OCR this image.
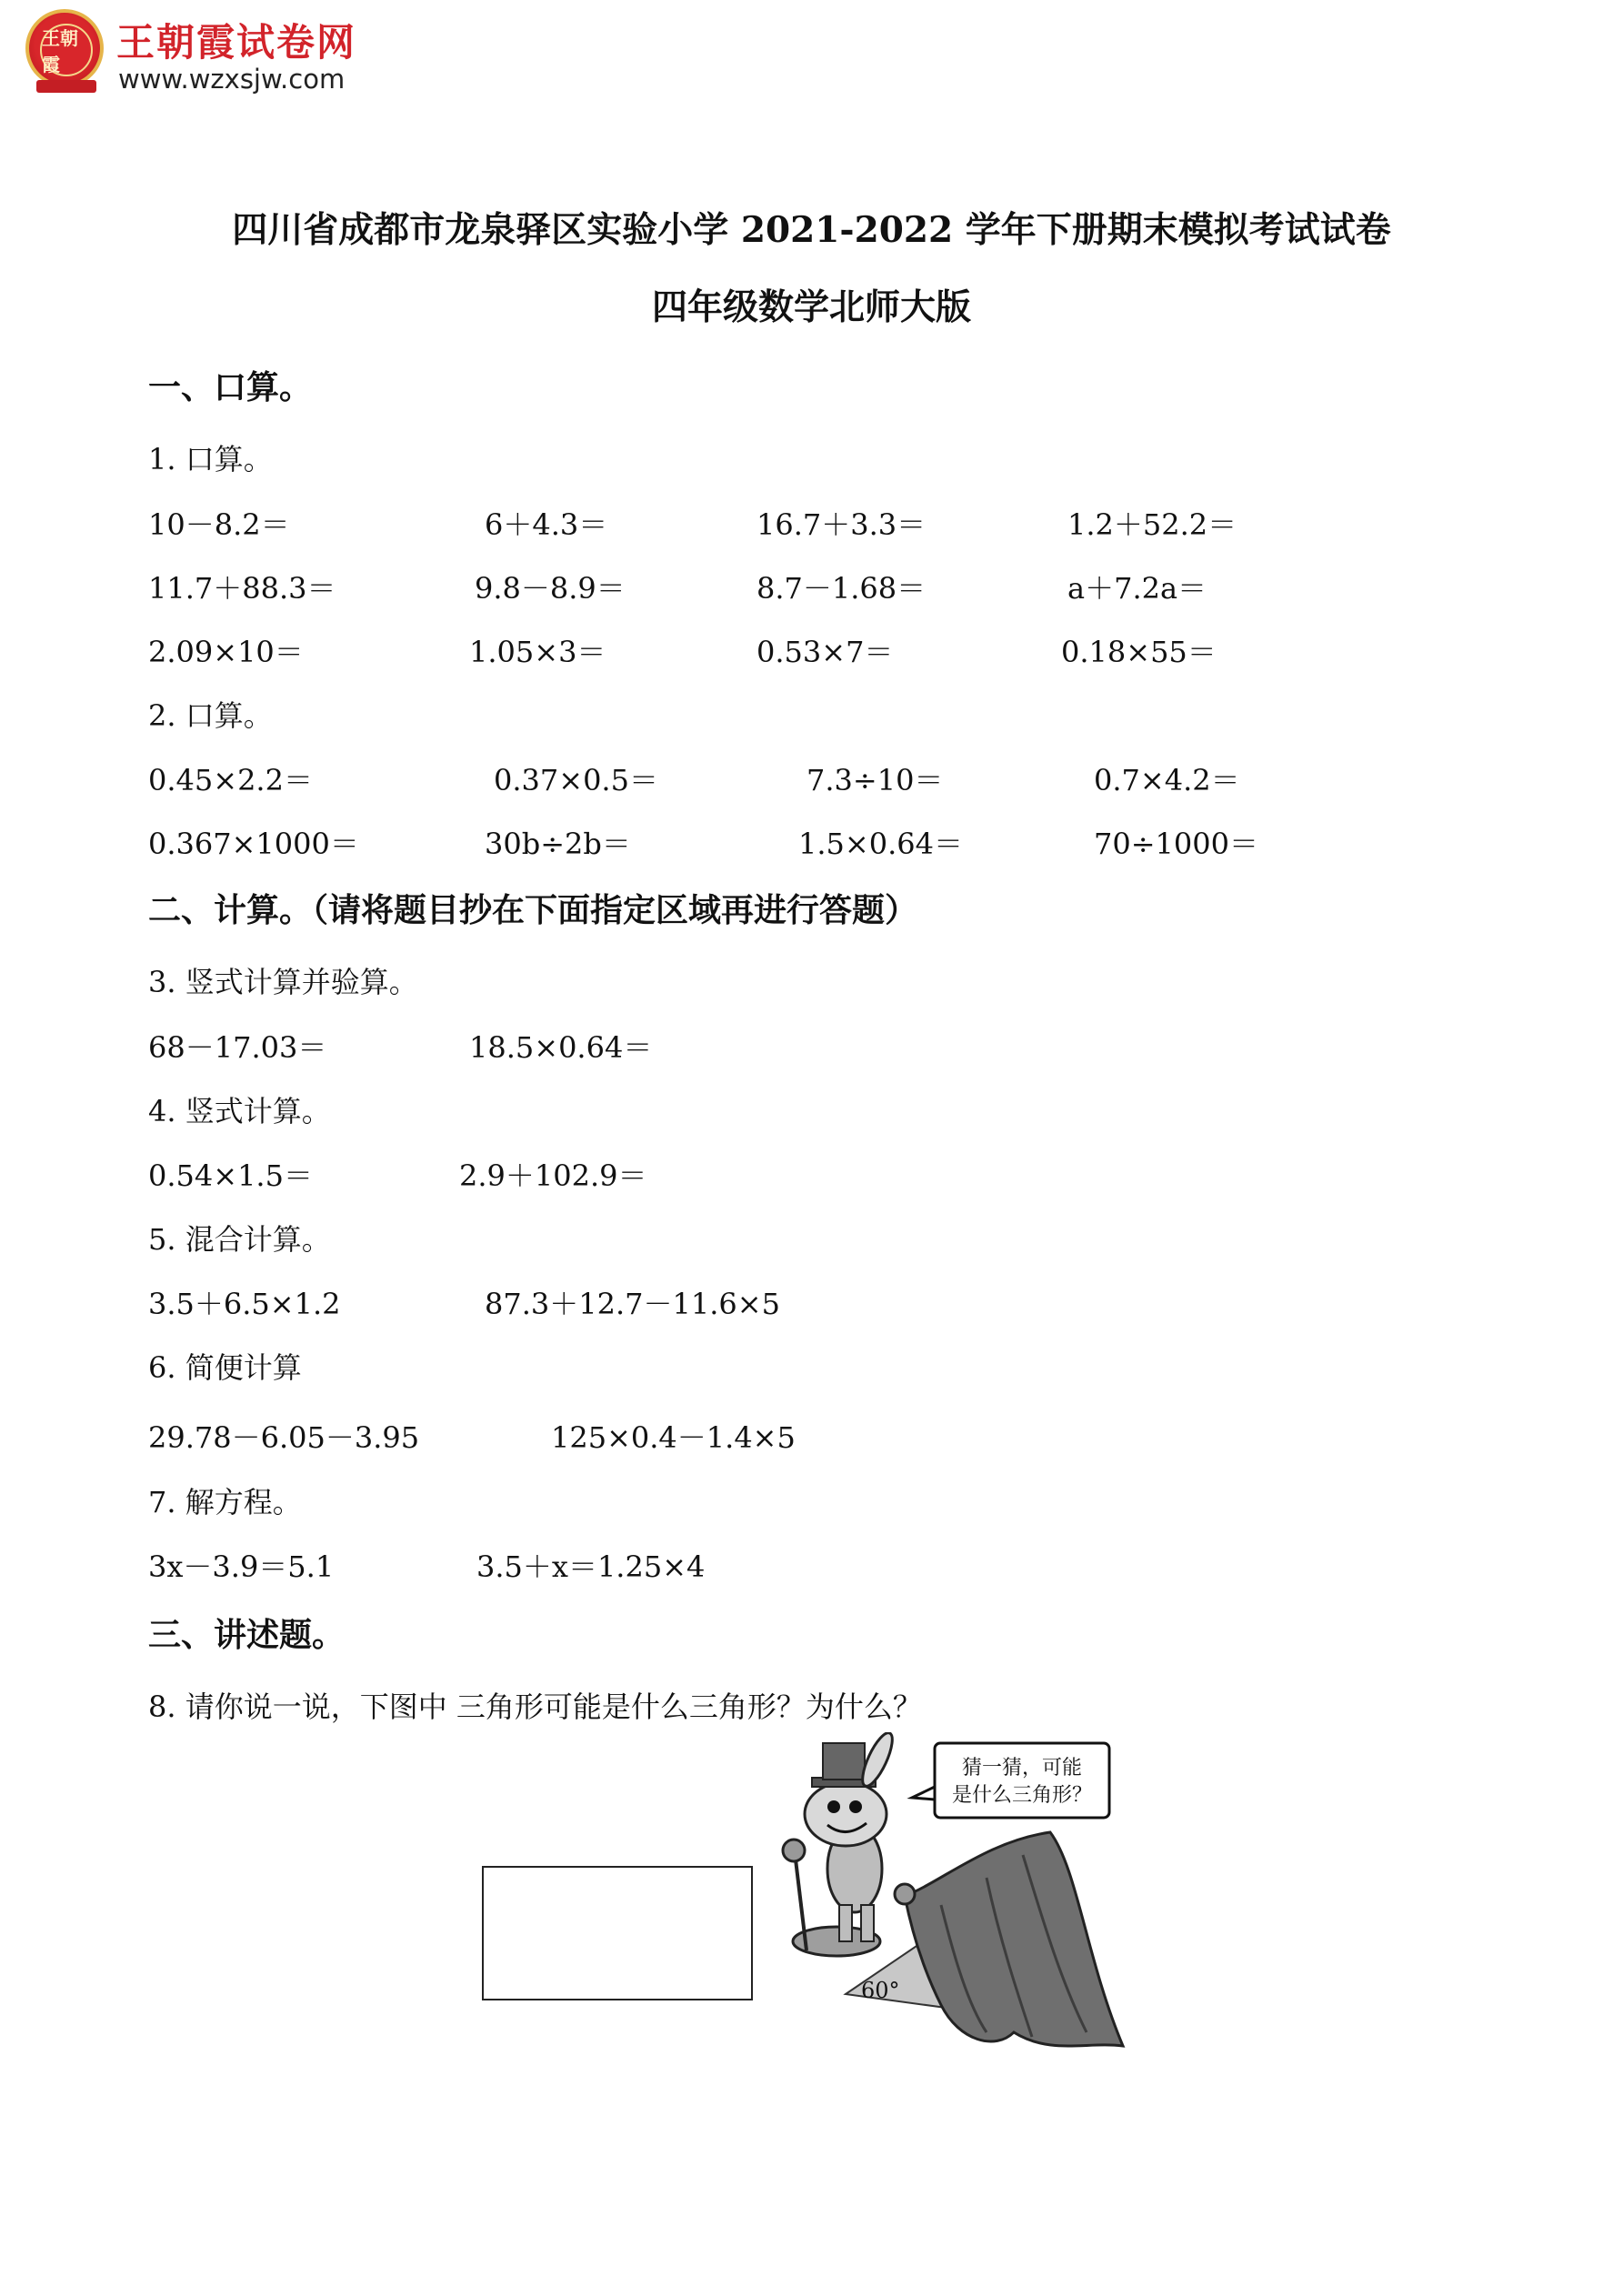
王朝霞	王朝霞试卷网
www.wzxsjw.com
四川省成都市龙泉驿区实验小学 2021-2022 学年下册期末模拟考试试卷
四年级数学北师大版
一、口算。
1. 口算。
10－8.2＝	6＋4.3＝	16.7＋3.3＝	1.2＋52.2＝
11.7＋88.3＝	9.8－8.9＝	8.7－1.68＝	a＋7.2a＝
2.09×10＝	1.05×3＝	0.53×7＝	0.18×55＝
2. 口算。
0.45×2.2＝	0.37×0.5＝	7.3÷10＝	0.7×4.2＝
0.367×1000＝	30b÷2b＝	1.5×0.64＝	70÷1000＝
二、计算。（请将题目抄在下面指定区域再进行答题）
3. 竖式计算并验算。
68－17.03＝	18.5×0.64＝
4. 竖式计算。
0.54×1.5＝	2.9＋102.9＝
5. 混合计算。
3.5＋6.5×1.2	87.3＋12.7－11.6×5
6. 简便计算
29.78－6.05－3.95	125×0.4－1.4×5
7. 解方程。
3x－3.9＝5.1	3.5＋x＝1.25×4
三、讲述题。
8. 请你说一说，下图中 三角形可能是什么三角形？为什么？
猜一猜，可能
是什么三角形？
60°
